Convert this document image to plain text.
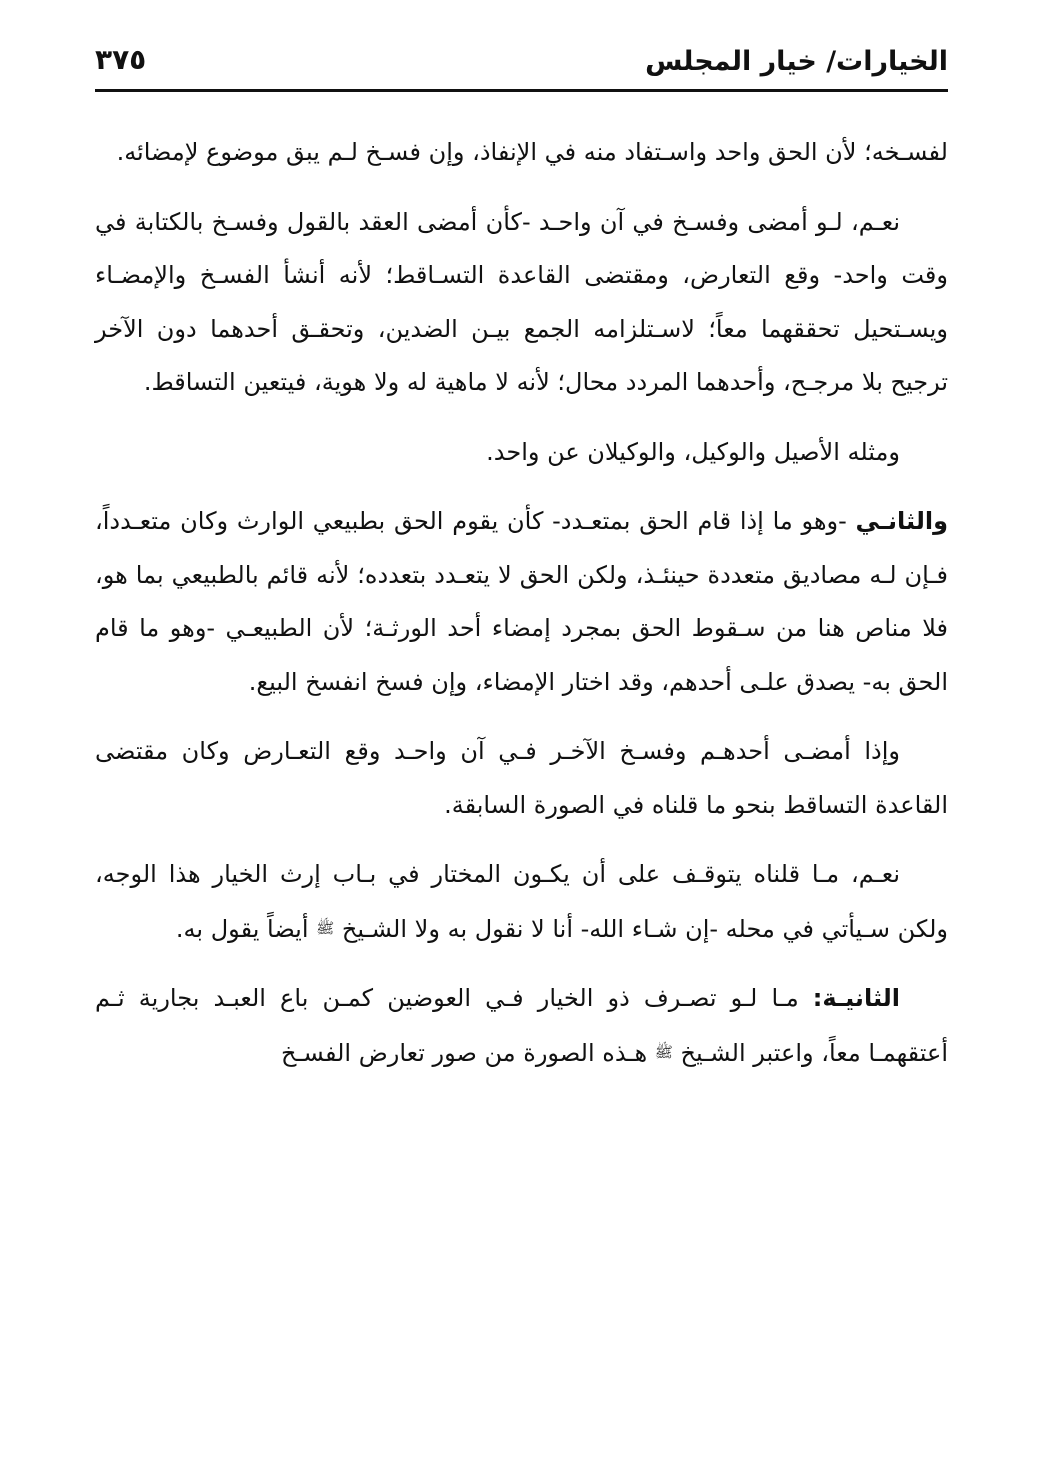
الخيارات/ خيار المجلس
٣٧٥

لفسـخه؛ لأن الحق واحد واسـتفاد منه في الإنفاذ، وإن فسـخ لـم يبق موضوع لإمضائه.

نعـم، لـو أمضى وفسـخ في آن واحـد -كأن أمضى العقد بالقول وفسـخ بالكتابة في وقت واحد- وقع التعارض، ومقتضى القاعدة التسـاقط؛ لأنه أنشأ الفسـخ والإمضـاء ويسـتحيل تحققهما معاً؛ لاسـتلزامه الجمع بيـن الضدين، وتحقـق أحدهما دون الآخر ترجيح بلا مرجـح، وأحدهما المردد محال؛ لأنه لا ماهية له ولا هوية، فيتعين التساقط.

ومثله الأصيل والوكيل، والوكيلان عن واحد.

والثانـي -وهو ما إذا قام الحق بمتعـدد- كأن يقوم الحق بطبيعي الوارث وكان متعـدداً، فـإن لـه مصاديق متعددة حينئـذ، ولكن الحق لا يتعـدد بتعدده؛ لأنه قائم بالطبيعي بما هو، فلا مناص هنا من سـقوط الحق بمجرد إمضاء أحد الورثـة؛ لأن الطبيعـي -وهو ما قام الحق به- يصدق علـى أحدهم، وقد اختار الإمضاء، وإن فسخ انفسخ البيع.

وإذا أمضـى أحدهـم وفسـخ الآخـر فـي آن واحـد وقع التعـارض وكان مقتضى القاعدة التساقط بنحو ما قلناه في الصورة السابقة.

نعـم، مـا قلناه يتوقـف على أن يكـون المختار في بـاب إرث الخيار هذا الوجه، ولكن سـيأتي في محله -إن شـاء الله- أنا لا نقول به ولا الشـيخ ﷺ أيضاً يقول به.

الثانيـة: مـا لـو تصـرف ذو الخيار فـي العوضين كمـن باع العبـد بجارية ثـم أعتقهمـا معاً، واعتبر الشـيخ ﷺ هـذه الصورة من صور تعارض الفسـخ
